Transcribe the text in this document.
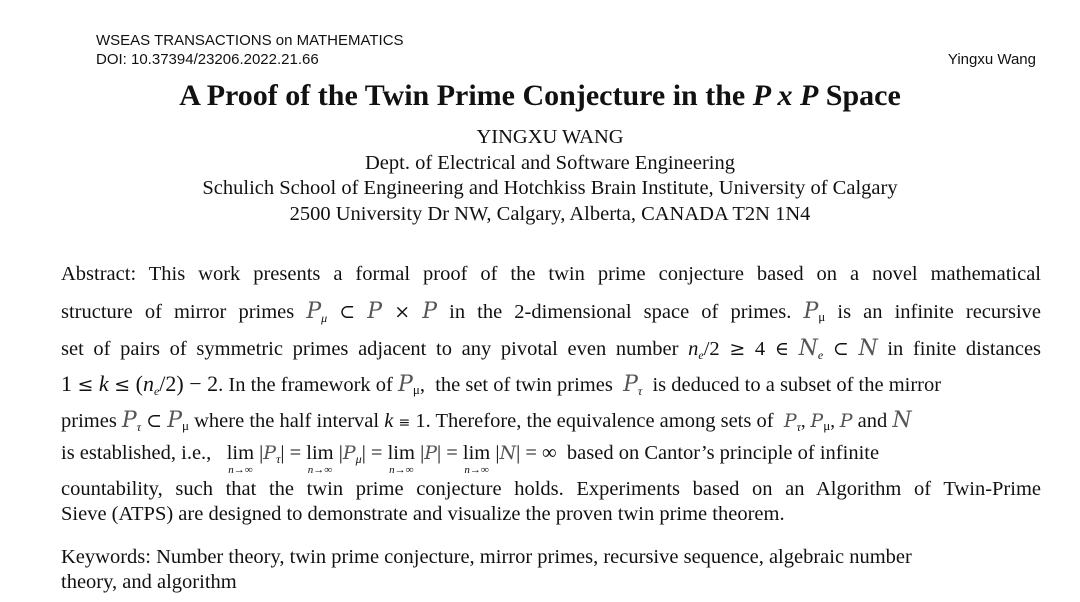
WSEAS TRANSACTIONS on MATHEMATICS
DOI: 10.37394/23206.2022.21.66	Yingxu Wang
A Proof of the Twin Prime Conjecture in the P x P Space
YINGXU WANG
Dept. of Electrical and Software Engineering
Schulich School of Engineering and Hotchkiss Brain Institute, University of Calgary
2500 University Dr NW, Calgary, Alberta, CANADA T2N 1N4
Abstract: This work presents a formal proof of the twin prime conjecture based on a novel mathematical
structure of mirror primes Pμ ⊂ P × P in the 2-dimensional space of primes. Pμ is an infinite recursive
set of pairs of symmetric primes adjacent to any pivotal even number ne/2 ≥ 4 ∈ Ne ⊂ N in finite distances
1 ≤ k ≤ (ne/2) − 2. In the framework of Pμ, the set of twin primes Pτ is deduced to a subset of the mirror
primes Pτ ⊂ Pμ where the half interval k ≡ 1. Therefore, the equivalence among sets of $P_\tau$, Pμ, P and N
is established, i.e., lim
n→∞
|Pτ| = lim
n→∞
|Pμ| = lim
n→∞
|P| = lim
n→∞
|N| = ∞  based on Cantor’s principle of infinite
countability, such that the twin prime conjecture holds. Experiments based on an Algorithm of Twin-Prime
Sieve (ATPS) are designed to demonstrate and visualize the proven twin prime theorem.
Keywords: Number theory, twin prime conjecture, mirror primes, recursive sequence, algebraic number
theory, and algorithm
